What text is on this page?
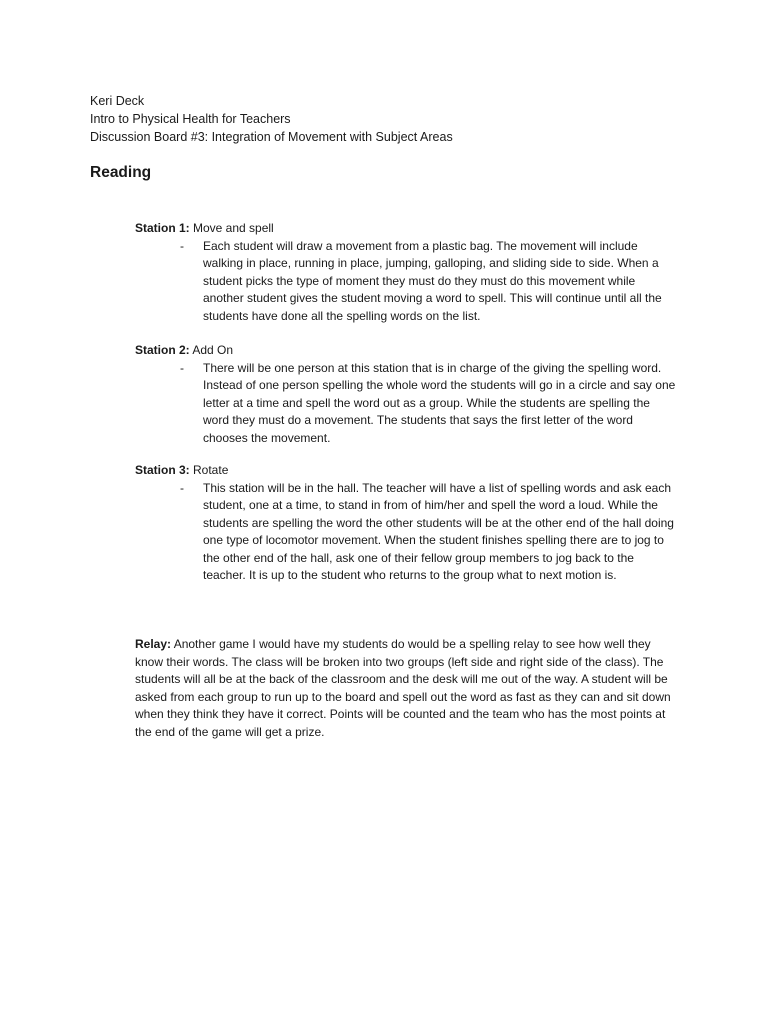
Keri Deck
Intro to Physical Health for Teachers
Discussion Board #3: Integration of Movement with Subject Areas
Reading
Station 1: Move and spell
- Each student will draw a movement from a plastic bag. The movement will include walking in place, running in place, jumping, galloping, and sliding side to side. When a student picks the type of moment they must do they must do this movement while another student gives the student moving a word to spell. This will continue until all the students have done all the spelling words on the list.
Station 2: Add On
- There will be one person at this station that is in charge of the giving the spelling word. Instead of one person spelling the whole word the students will go in a circle and say one letter at a time and spell the word out as a group. While the students are spelling the word they must do a movement. The students that says the first letter of the word chooses the movement.
Station 3: Rotate
- This station will be in the hall. The teacher will have a list of spelling words and ask each student, one at a time, to stand in from of him/her and spell the word a loud. While the students are spelling the word the other students will be at the other end of the hall doing one type of locomotor movement. When the student finishes spelling there are to jog to the other end of the hall, ask one of their fellow group members to jog back to the teacher. It is up to the student who returns to the group what to next motion is.
Relay: Another game I would have my students do would be a spelling relay to see how well they know their words. The class will be broken into two groups (left side and right side of the class). The students will all be at the back of the classroom and the desk will me out of the way. A student will be asked from each group to run up to the board and spell out the word as fast as they can and sit down when they think they have it correct. Points will be counted and the team who has the most points at the end of the game will get a prize.
